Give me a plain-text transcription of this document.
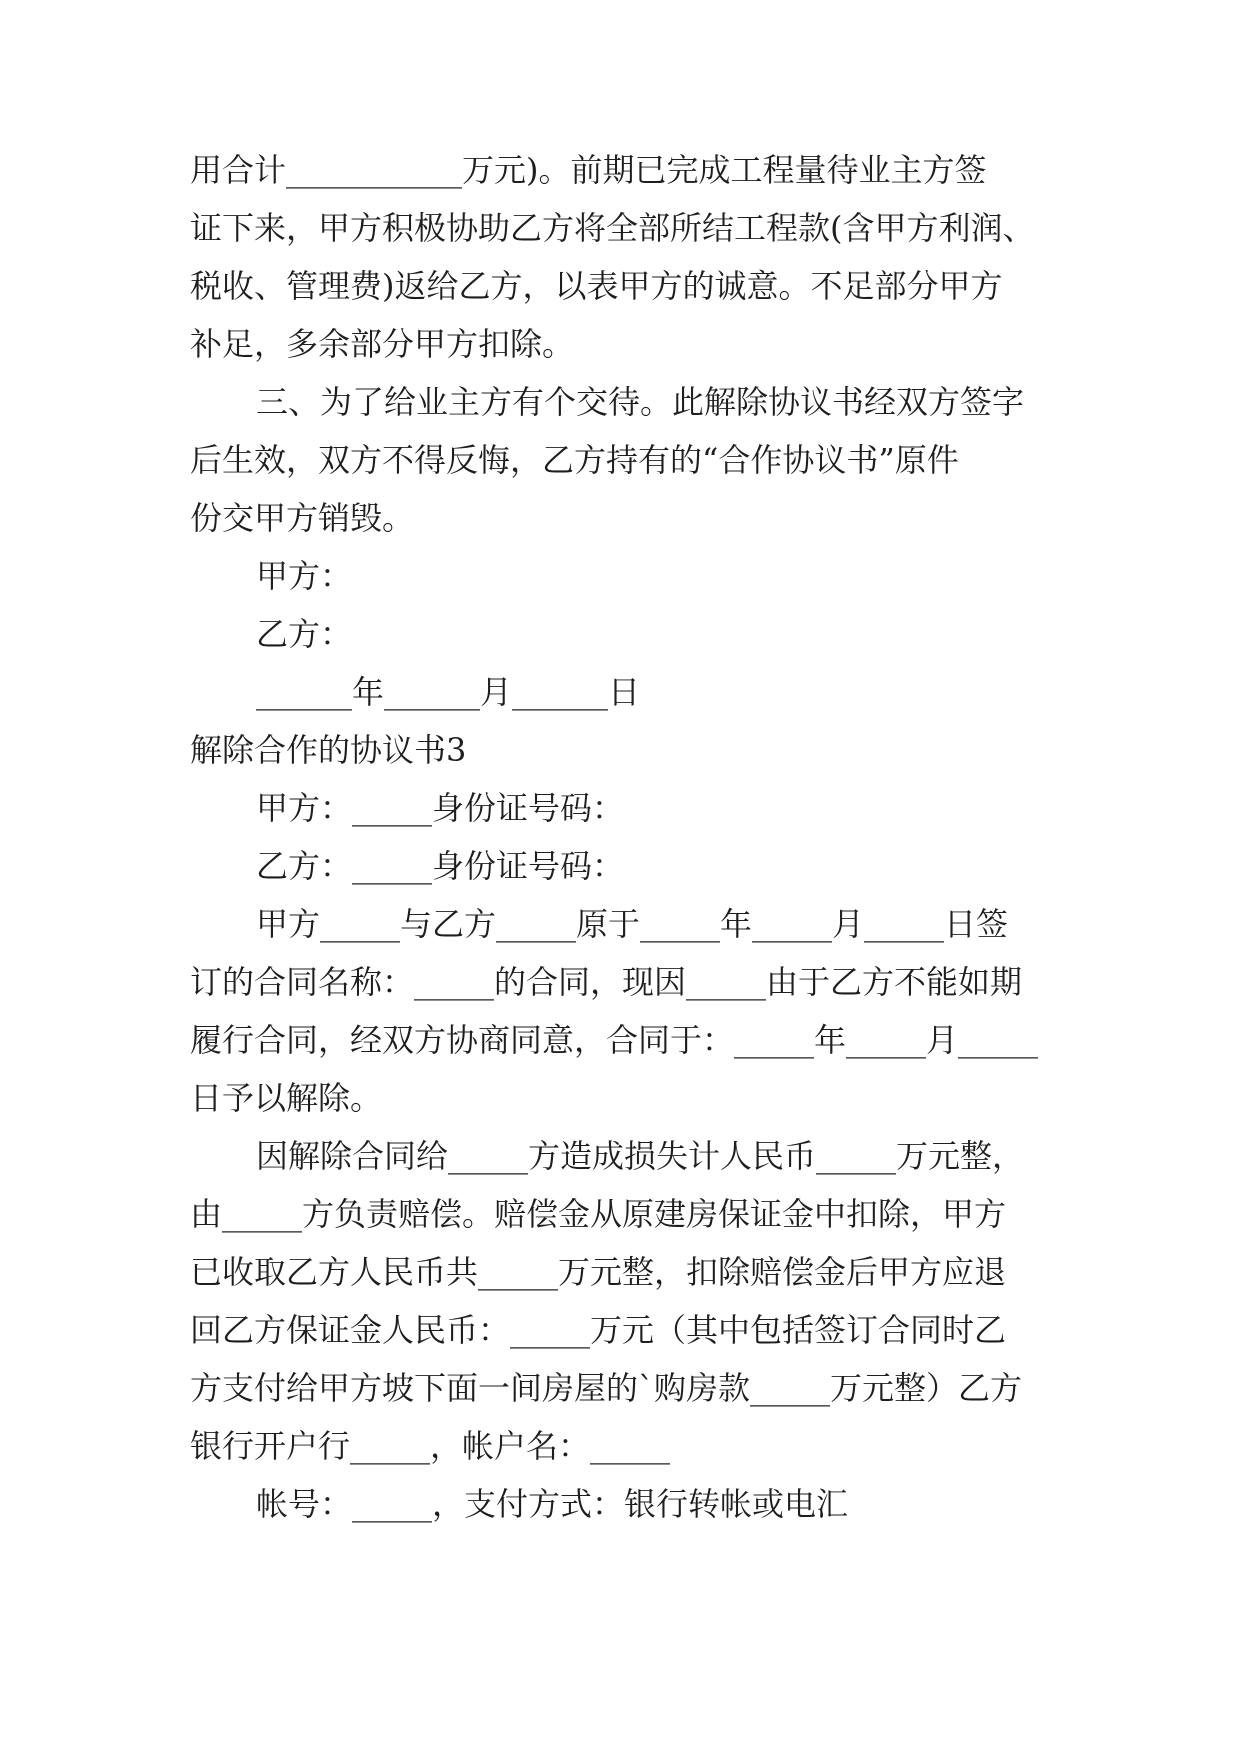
用合计___________万元)。前期已完成工程量待业主方签
证下来，甲方积极协助乙方将全部所结工程款(含甲方利润、
税收、管理费)返给乙方，以表甲方的诚意。不足部分甲方
补足，多余部分甲方扣除。
三、为了给业主方有个交待。此解除协议书经双方签字
后生效，双方不得反悔，乙方持有的“合作协议书”原件
份交甲方销毁。
甲方：
乙方：
______年______月______日
解除合作的协议书3
甲方：_____身份证号码：
乙方：_____身份证号码：
甲方_____与乙方_____原于_____年_____月_____日签
订的合同名称：_____的合同，现因_____由于乙方不能如期
履行合同，经双方协商同意，合同于：_____年_____月_____
日予以解除。
因解除合同给_____方造成损失计人民币_____万元整，
由_____方负责赔偿。赔偿金从原建房保证金中扣除，甲方
已收取乙方人民币共_____万元整，扣除赔偿金后甲方应退
回乙方保证金人民币：_____万元（其中包括签订合同时乙
方支付给甲方坡下面一间房屋的`购房款_____万元整）乙方
银行开户行_____，帐户名：_____
帐号：_____，支付方式：银行转帐或电汇
